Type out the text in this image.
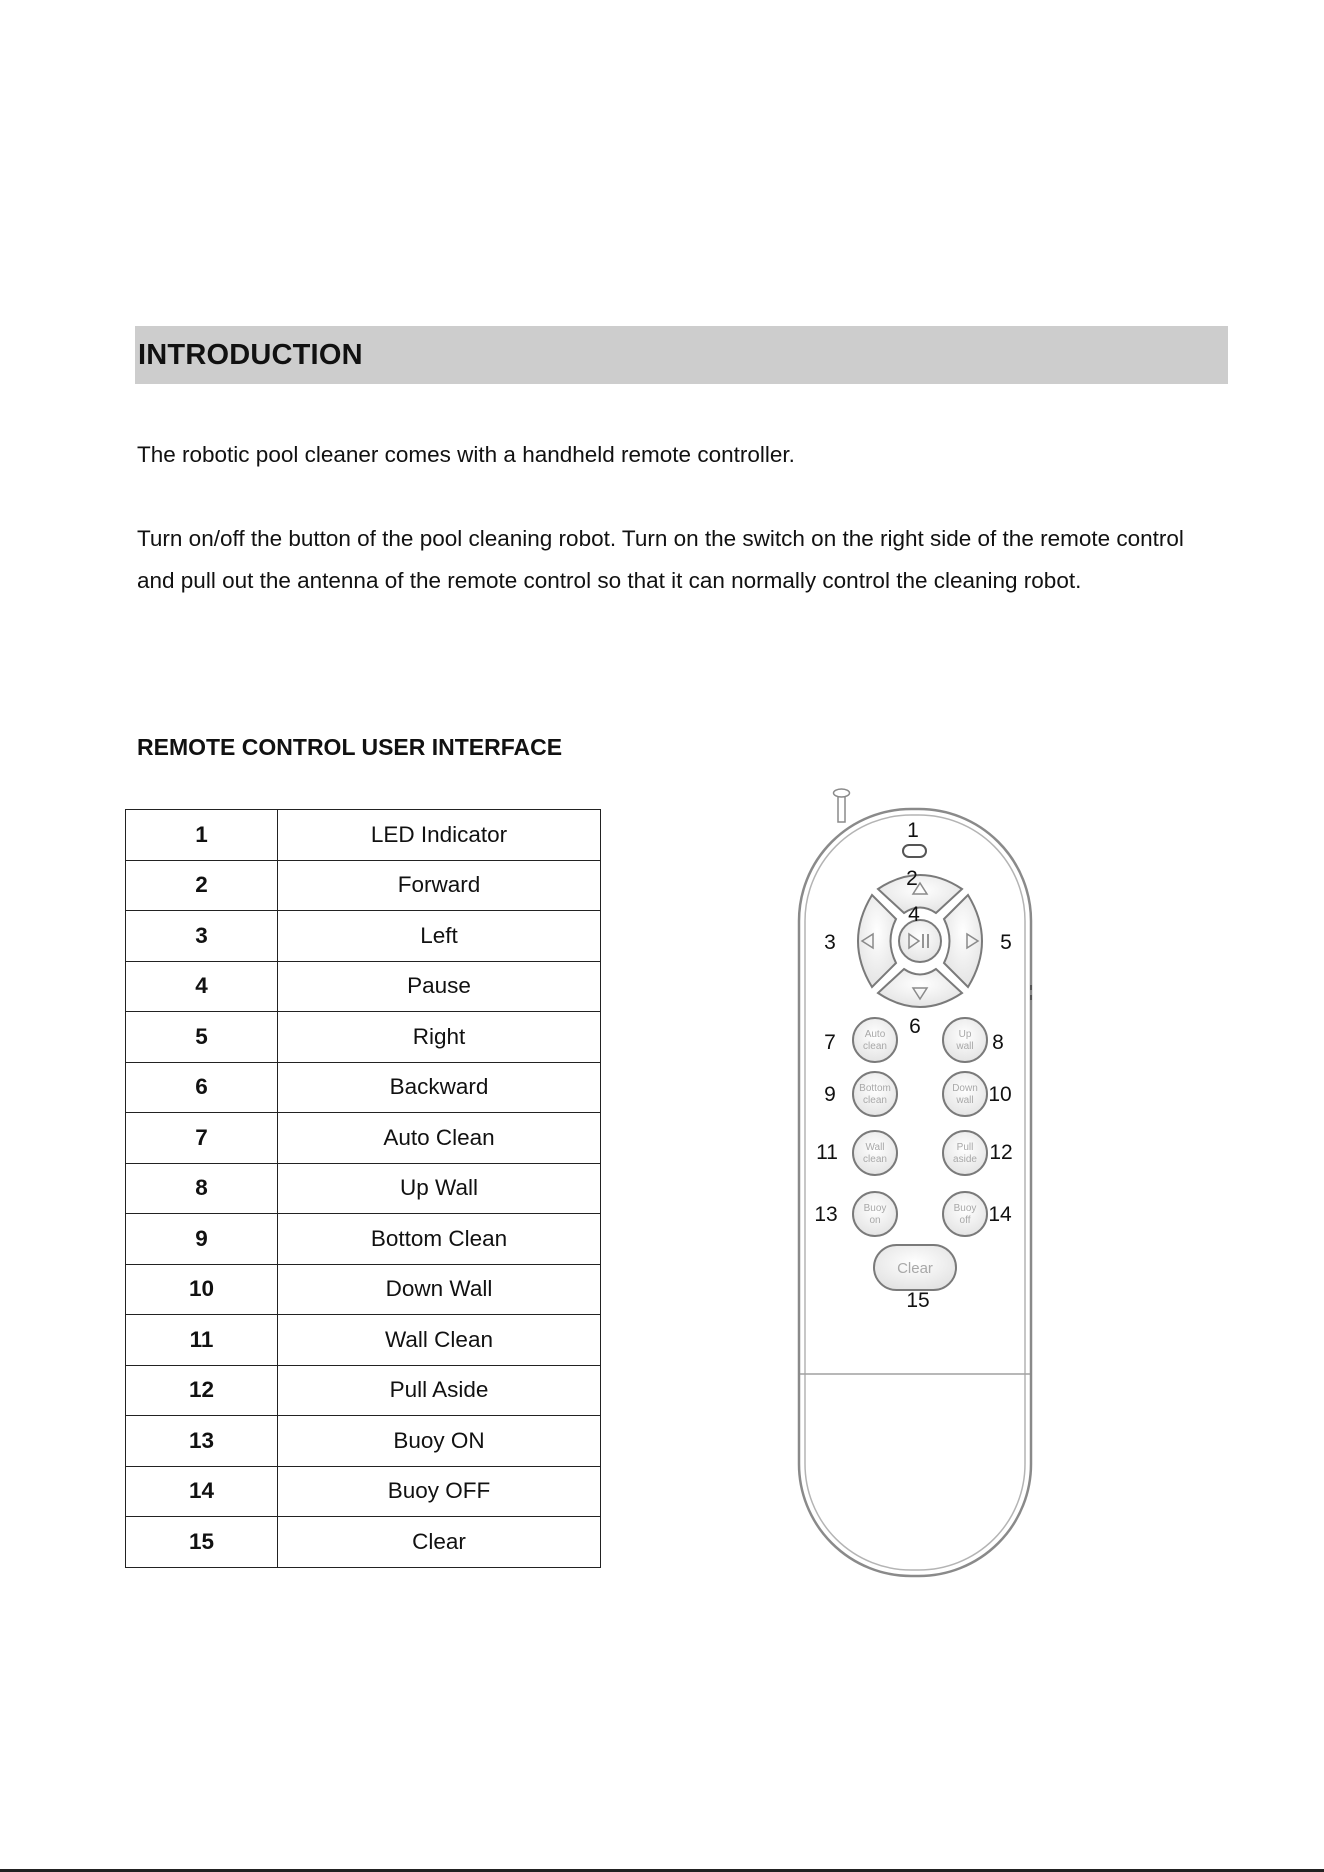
INTRODUCTION

The robotic pool cleaner comes with a handheld remote controller.

Turn on/off the button of the pool cleaning robot. Turn on the switch on the right side of the remote control and pull out the antenna of the remote control so that it can normally control the cleaning robot.

REMOTE CONTROL USER INTERFACE
1	LED Indicator
2	Forward
3	Left
4	Pause
5	Right
6	Backward
7	Auto Clean
8	Up Wall
9	Bottom Clean
10	Down Wall
11	Wall Clean
12	Pull Aside
13	Buoy ON
14	Buoy OFF
15	Clear
Auto
clean
Up
wall
Bottom
clean
Down
wall
Wall
clean
Pull
aside
Buoy
on
Buoy
off
Clear
1
2
3
4
5
6
7	8
9	10
11	12
13	14
15
